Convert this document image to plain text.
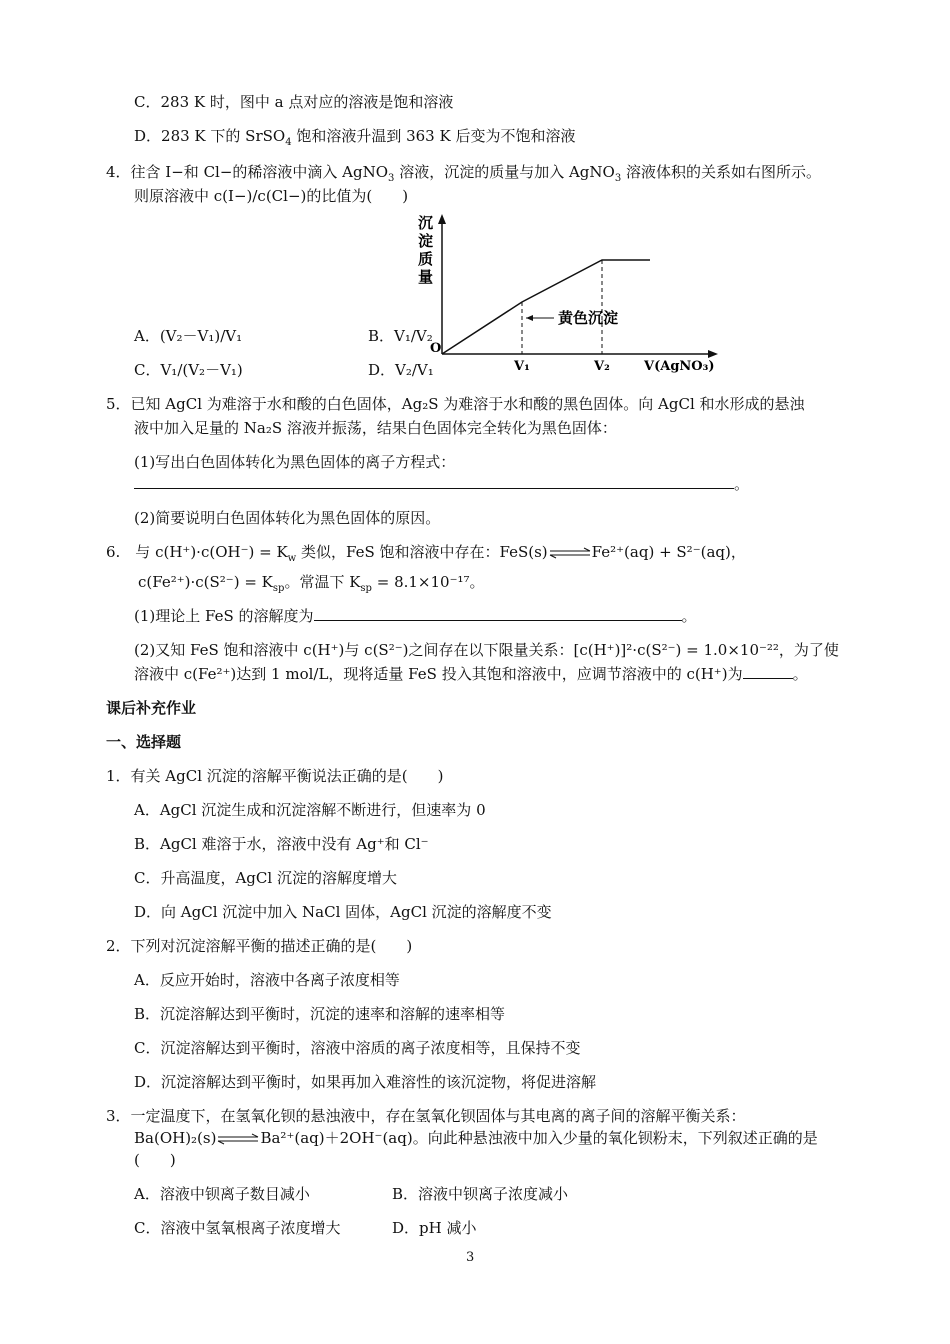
C．283 K 时，图中 a 点对应的溶液是饱和溶液
D．283 K 下的 SrSO$_4$ 饱和溶液升温到 363 K 后变为不饱和溶液
4．往含 I−和 Cl−的稀溶液中滴入 AgNO$_3$ 溶液，沉淀的质量与加入 AgNO$_3$ 溶液体积的关系如右图所示。
则原溶液中 c(I−)/c(Cl−)的比值为(　　)
A．(V₂－V₁)/V₁	B．V₁/V₂
C．V₁/(V₂－V₁)	D．V₂/V₁	V₁	V₂
O
V(AgNO₃)
沉
淀
质
量
黄色沉淀
5．已知 AgCl 为难溶于水和酸的白色固体，Ag₂S 为难溶于水和酸的黑色固体。向 AgCl 和水形成的悬浊
液中加入足量的 Na₂S 溶液并振荡，结果白色固体完全转化为黑色固体：
(1)写出白色固体转化为黑色固体的离子方程式：
。
(2)简要说明白色固体转化为黑色固体的原因。
6.　与 $c(H^+)\cdot c(OH^-) = K_w$ 类似，FeS 饱和溶液中存在：FeS(s)⇌Fe²⁺(aq) + S²⁻(aq)，
$c(Fe^{2+})\cdot c(S^{2-}) = K_{sp}$。常温下 $K_{sp} = 8.1\times 10^{-17}$。
(1)理论上 FeS 的溶解度为	。
(2)又知 FeS 饱和溶液中 c(H⁺)与 c(S²⁻)之间存在以下限量关系：[c(H⁺)]²·c(S²⁻) = 1.0×10⁻²²，为了使
溶液中 c(Fe²⁺)达到 1 mol/L，现将适量 FeS 投入其饱和溶液中，应调节溶液中的 c(H⁺)为	。
课后补充作业
一、选择题
1．有关 AgCl 沉淀的溶解平衡说法正确的是(　　)
A．AgCl 沉淀生成和沉淀溶解不断进行，但速率为 0
B．AgCl 难溶于水，溶液中没有 Ag⁺和 Cl⁻
C．升高温度，AgCl 沉淀的溶解度增大
D．向 AgCl 沉淀中加入 NaCl 固体，AgCl 沉淀的溶解度不变
2．下列对沉淀溶解平衡的描述正确的是(　　)
A．反应开始时，溶液中各离子浓度相等
B．沉淀溶解达到平衡时，沉淀的速率和溶解的速率相等
C．沉淀溶解达到平衡时，溶液中溶质的离子浓度相等，且保持不变
D．沉淀溶解达到平衡时，如果再加入难溶性的该沉淀物，将促进溶解
3．一定温度下，在氢氧化钡的悬浊液中，存在氢氧化钡固体与其电离的离子间的溶解平衡关系：
Ba(OH)₂(s)⇌Ba²⁺(aq)＋2OH⁻(aq)。向此种悬浊液中加入少量的氧化钡粉末，下列叙述正确的是
(　　)
A．溶液中钡离子数目减小	B．溶液中钡离子浓度减小
C．溶液中氢氧根离子浓度增大	D．pH 减小
3
